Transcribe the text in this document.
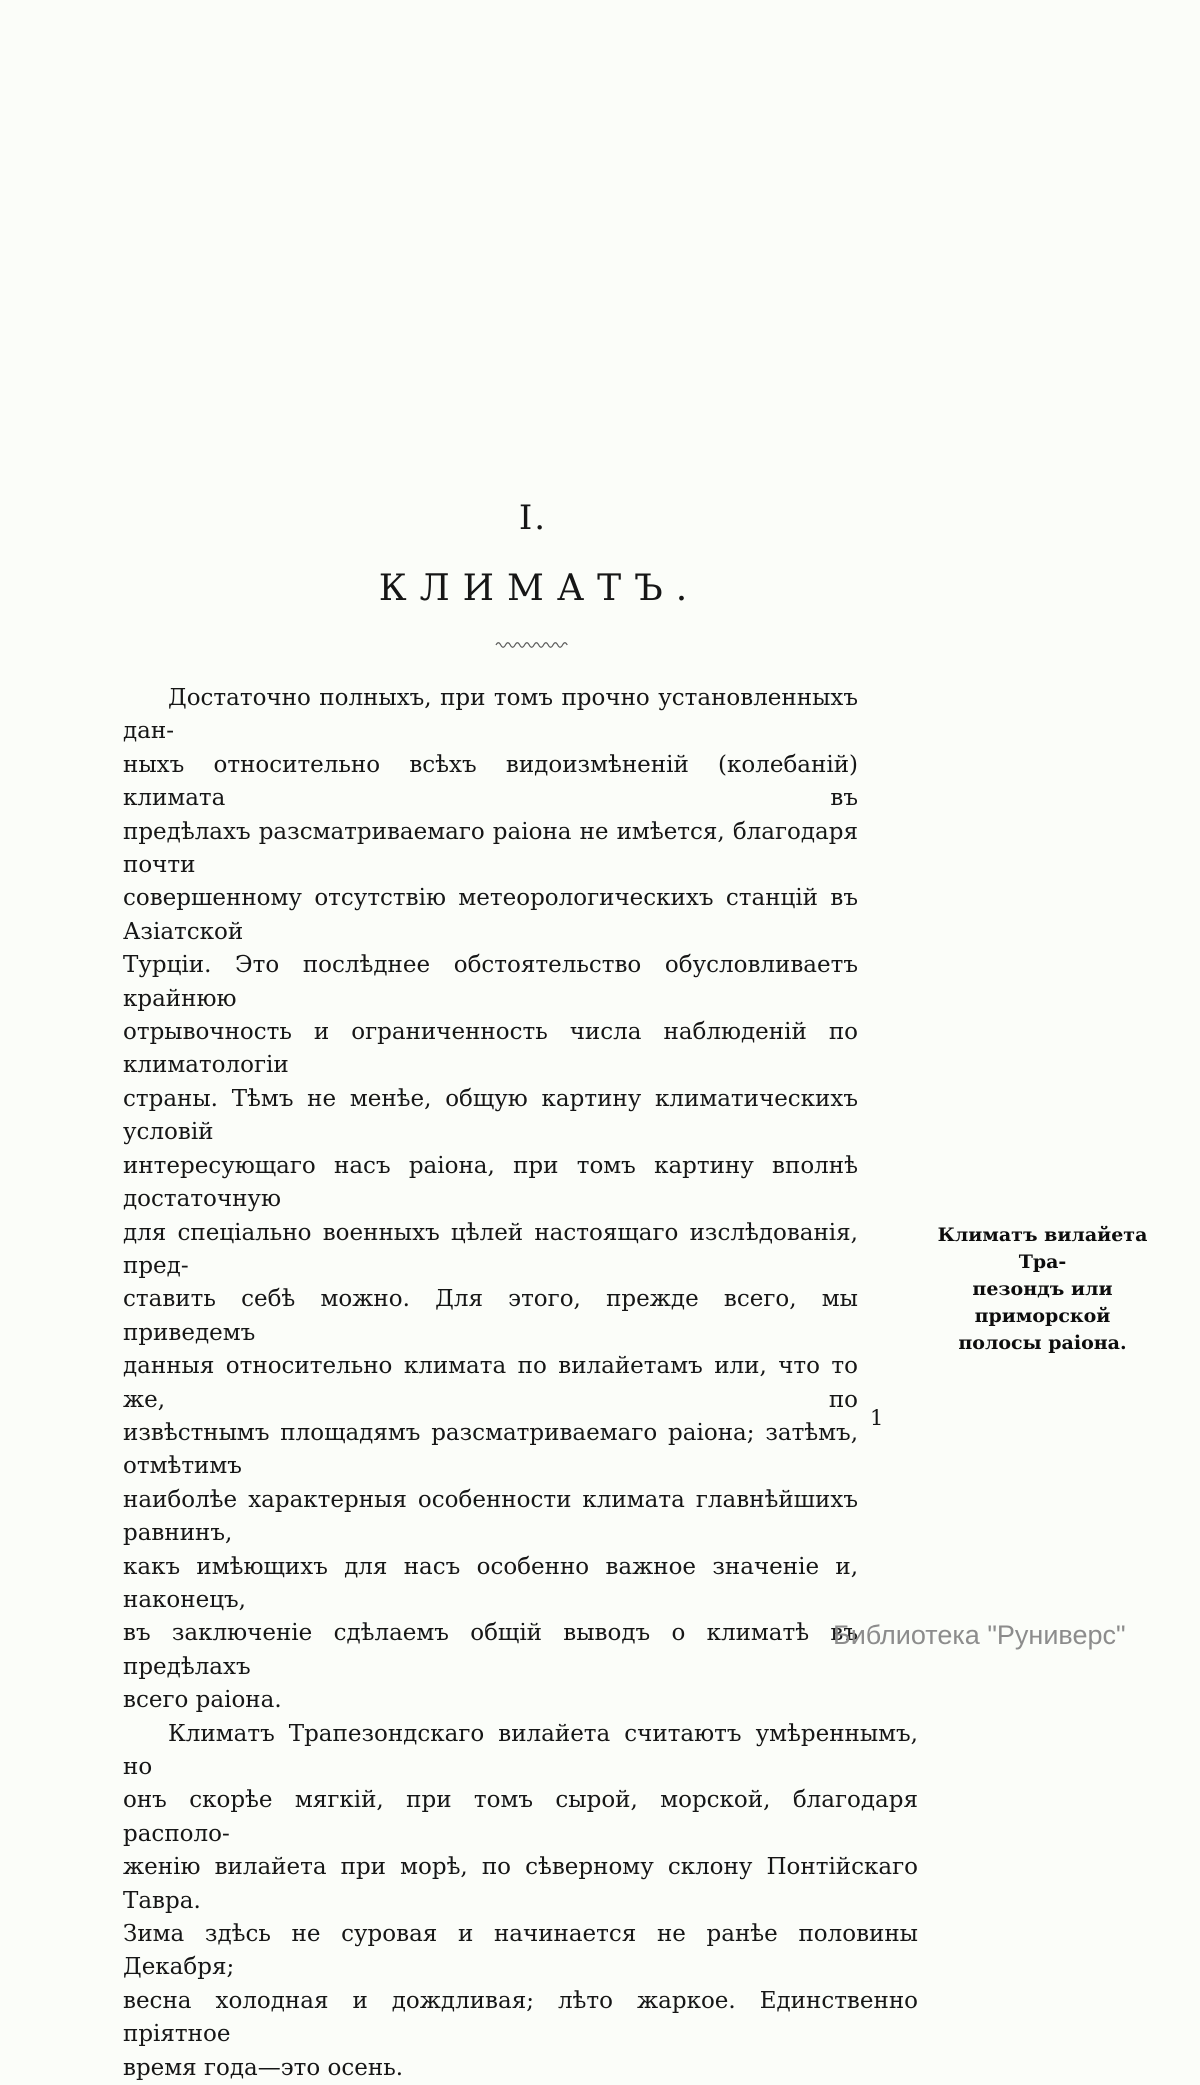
I.
КЛИМАТЪ.
Достаточно полныхъ, при томъ прочно установленныхъ дан-
ныхъ относительно всѣхъ видоизмѣненій (колебаній) климата въ
предѣлахъ разсматриваемаго раіона не имѣется, благодаря почти
совершенному отсутствію метеорологическихъ станцій въ Азіатской
Турціи. Это послѣднее обстоятельство обусловливаетъ крайнюю
отрывочность и ограниченность числа наблюденій по климатологіи
страны. Тѣмъ не менѣе, общую картину климатическихъ условій
интересующаго насъ раіона, при томъ картину вполнѣ достаточную
для спеціально военныхъ цѣлей настоящаго изслѣдованія, пред-
ставить себѣ можно. Для этого, прежде всего, мы приведемъ
данныя относительно климата по вилайетамъ или, что то же, по
извѣстнымъ площадямъ разсматриваемаго раіона; затѣмъ, отмѣтимъ
наиболѣе характерныя особенности климата главнѣйшихъ равнинъ,
какъ имѣющихъ для насъ особенно важное значеніе и, наконецъ,
въ заключеніе сдѣлаемъ общій выводъ о климатѣ въ предѣлахъ
всего раіона.
Климатъ Трапезондскаго вилайета считаютъ умѣреннымъ, но
онъ скорѣе мягкій, при томъ сырой, морской, благодаря располо-
женію вилайета при морѣ, по сѣверному склону Понтійскаго Тавра.
Зима здѣсь не суровая и начинается не ранѣе половины Декабря;
весна холодная и дождливая; лѣто жаркое. Единственно пріятное
время года—это осень.
Климатъ вилайета Тра-
пезондъ или приморской
полосы раіона.
1
Библиотека "Руниверс"
